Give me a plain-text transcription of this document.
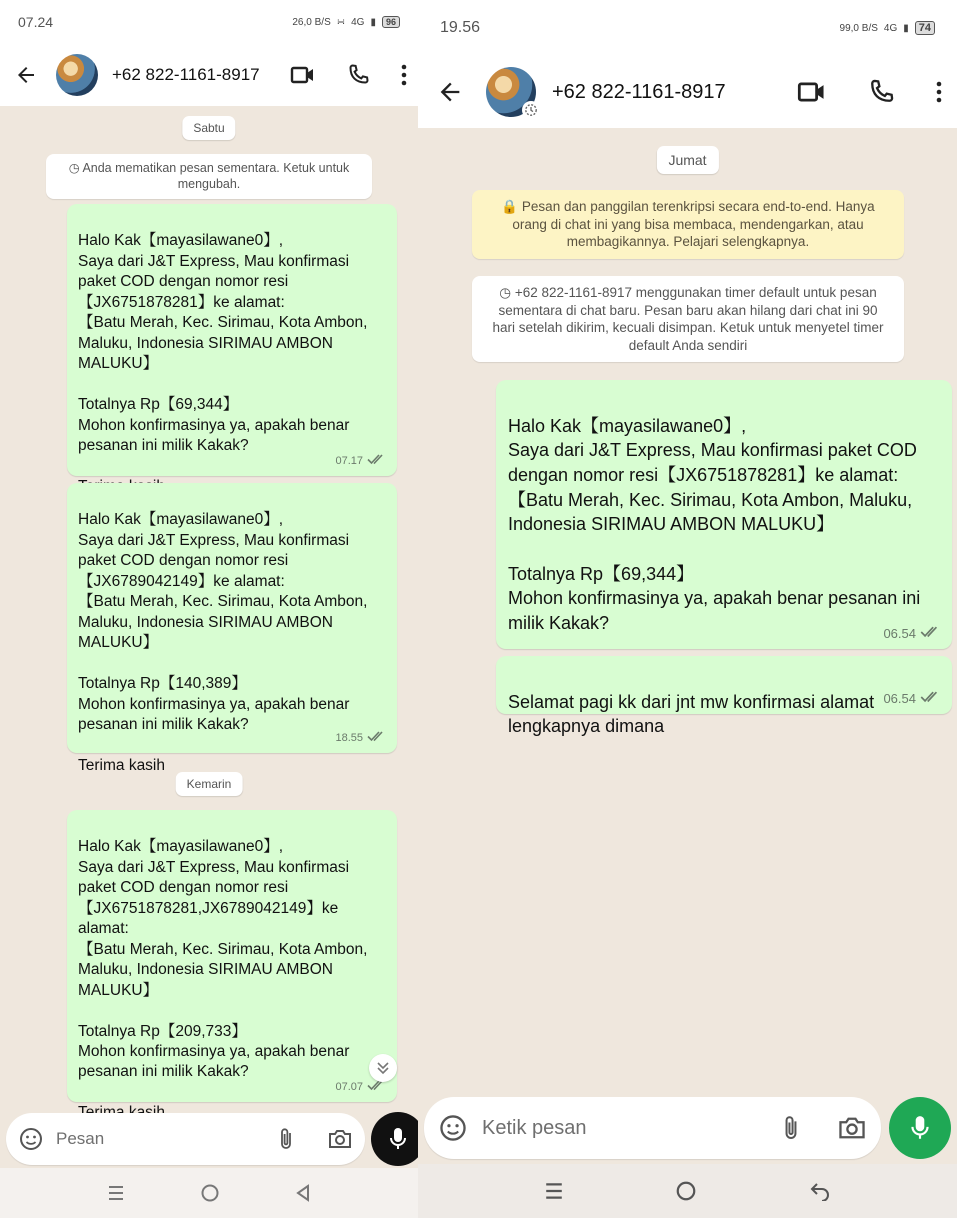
07.24	26,0 B/S ∺ 4G ▮	96
+62 822-1161-8917
Sabtu
◷ Anda mematikan pesan sementara. Ketuk untuk mengubah.

Halo Kak【mayasilawane0】,
Saya dari J&T Express, Mau konfirmasi paket COD dengan nomor resi 【JX6751878281】ke alamat:
【Batu Merah, Kec. Sirimau, Kota Ambon, Maluku, Indonesia SIRIMAU AMBON MALUKU】

Totalnya Rp【69,344】
Mohon konfirmasinya ya, apakah benar pesanan ini milik Kakak?

07.17

Halo Kak【mayasilawane0】,
Saya dari J&T Express, Mau konfirmasi paket COD dengan nomor resi 【JX6789042149】ke alamat:
【Batu Merah, Kec. Sirimau, Kota Ambon, Maluku, Indonesia SIRIMAU AMBON MALUKU】

Totalnya Rp【140,389】
Mohon konfirmasinya ya, apakah benar pesanan ini milik Kakak?

Terima kasih

18.55

Kemarin

Halo Kak【mayasilawane0】,
Saya dari J&T Express, Mau konfirmasi paket COD dengan nomor resi 【JX6751878281,JX6789042149】ke alamat:
【Batu Merah, Kec. Sirimau, Kota Ambon, Maluku, Indonesia SIRIMAU AMBON MALUKU】

Totalnya Rp【209,733】
Mohon konfirmasinya ya, apakah benar pesanan ini milik Kakak?

07.07

Pesan
19.56	99,0 B/S 4G ▮ 74
+62 822-1161-8917
Jumat
🔒 Pesan dan panggilan terenkripsi secara end-to-end. Hanya orang di chat ini yang bisa membaca, mendengarkan, atau membagikannya. Pelajari selengkapnya.
◷ +62 822-1161-8917 menggunakan timer default untuk pesan sementara di chat baru. Pesan baru akan hilang dari chat ini 90 hari setelah dikirim, kecuali disimpan. Ketuk untuk menyetel timer default Anda sendiri

Halo Kak【mayasilawane0】,
Saya dari J&T Express, Mau konfirmasi paket COD dengan nomor resi【JX6751878281】ke alamat:
【Batu Merah, Kec. Sirimau, Kota Ambon, Maluku, Indonesia SIRIMAU AMBON MALUKU】

Totalnya Rp【69,344】
Mohon konfirmasinya ya, apakah benar pesanan ini milik Kakak?

06.54

Selamat pagi kk dari jnt mw konfirmasi alamat lengkapnya dimana

06.54

Ketik pesan
